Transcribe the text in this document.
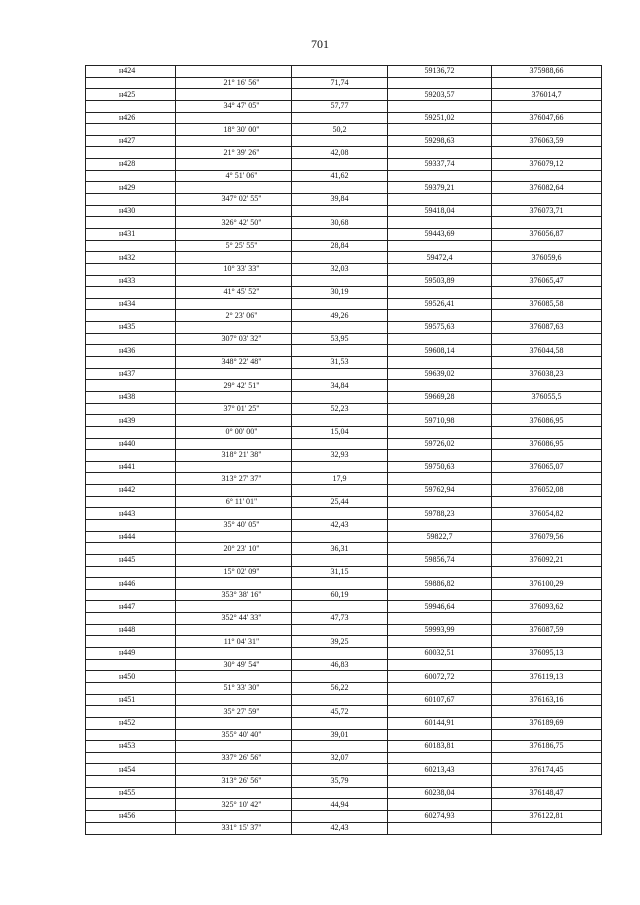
701
н424			59136,72	375988,66
	21° 16' 56"	71,74		
н425			59203,57	376014,7
	34° 47' 05"	57,77		
н426			59251,02	376047,66
	18° 30' 00"	50,2		
н427			59298,63	376063,59
	21° 39' 26"	42,08		
н428			59337,74	376079,12
	4° 51' 06"	41,62		
н429			59379,21	376082,64
	347° 02' 55"	39,84		
н430			59418,04	376073,71
	326° 42' 50"	30,68		
н431			59443,69	376056,87
	5° 25' 55"	28,84		
н432			59472,4	376059,6
	10° 33' 33"	32,03		
н433			59503,89	376065,47
	41° 45' 52"	30,19		
н434			59526,41	376085,58
	2° 23' 06"	49,26		
н435			59575,63	376087,63
	307° 03' 32"	53,95		
н436			59608,14	376044,58
	348° 22' 48"	31,53		
н437			59639,02	376038,23
	29° 42' 51"	34,84		
н438			59669,28	376055,5
	37° 01' 25"	52,23		
н439			59710,98	376086,95
	0° 00' 00"	15,04		
н440			59726,02	376086,95
	318° 21' 38"	32,93		
н441			59750,63	376065,07
	313° 27' 37"	17,9		
н442			59762,94	376052,08
	6° 11' 01"	25,44		
н443			59788,23	376054,82
	35° 40' 05"	42,43		
н444			59822,7	376079,56
	20° 23' 10"	36,31		
н445			59856,74	376092,21
	15° 02' 09"	31,15		
н446			59886,82	376100,29
	353° 38' 16"	60,19		
н447			59946,64	376093,62
	352° 44' 33"	47,73		
н448			59993,99	376087,59
	11° 04' 31"	39,25		
н449			60032,51	376095,13
	30° 49' 54"	46,83		
н450			60072,72	376119,13
	51° 33' 30"	56,22		
н451			60107,67	376163,16
	35° 27' 59"	45,72		
н452			60144,91	376189,69
	355° 40' 40"	39,01		
н453			60183,81	376186,75
	337° 26' 56"	32,07		
н454			60213,43	376174,45
	313° 26' 56"	35,79		
н455			60238,04	376148,47
	325° 10' 42"	44,94		
н456			60274,93	376122,81
	331° 15' 37"	42,43		
